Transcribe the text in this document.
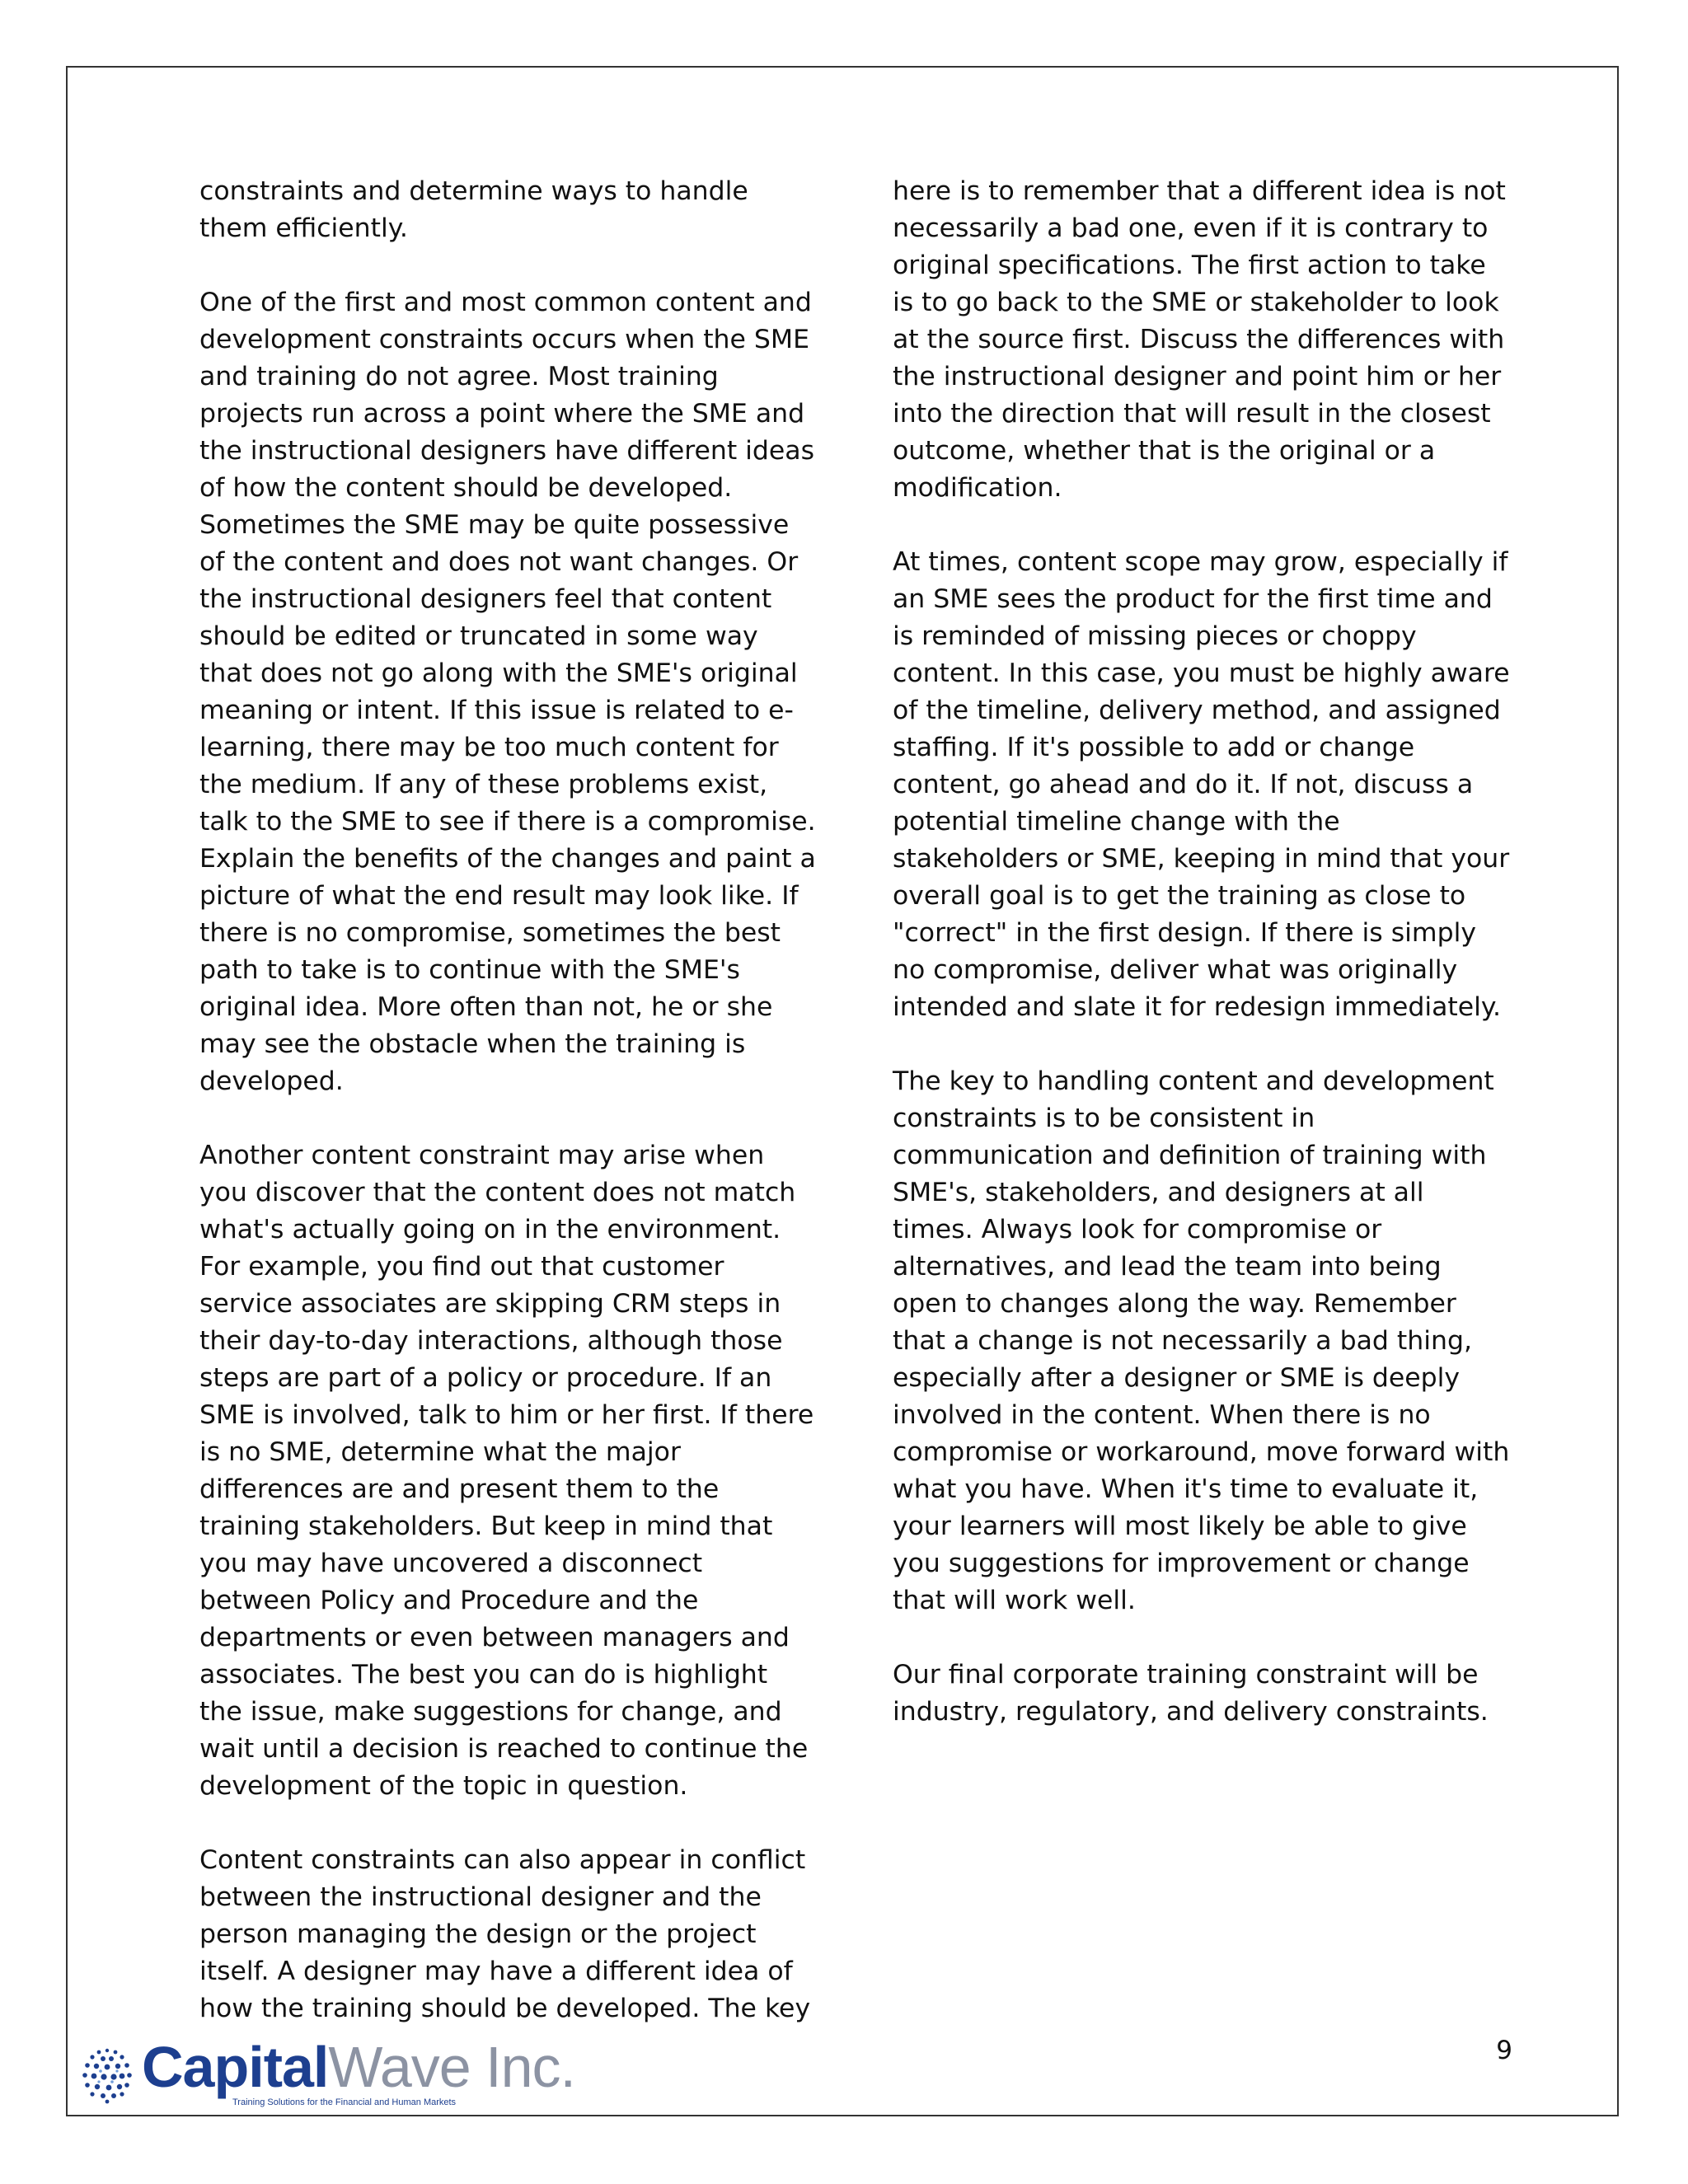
constraints and determine ways to handle them efficiently.

One of the first and most common content and development constraints occurs when the SME and training do not agree. Most training projects run across a point where the SME and the instructional designers have different ideas of how the content should be developed. Sometimes the SME may be quite possessive of the content and does not want changes. Or the instructional designers feel that content should be edited or truncated in some way that does not go along with the SME's original meaning or intent. If this issue is related to e-learning, there may be too much content for the medium. If any of these problems exist, talk to the SME to see if there is a compromise. Explain the benefits of the changes and paint a picture of what the end result may look like. If there is no compromise, sometimes the best path to take is to continue with the SME's original idea. More often than not, he or she may see the obstacle when the training is developed.

Another content constraint may arise when you discover that the content does not match what's actually going on in the environment. For example, you find out that customer service associates are skipping CRM steps in their day-to-day interactions, although those steps are part of a policy or procedure. If an SME is involved, talk to him or her first. If there is no SME, determine what the major differences are and present them to the training stakeholders. But keep in mind that you may have uncovered a disconnect between Policy and Procedure and the departments or even between managers and associates. The best you can do is highlight the issue, make suggestions for change, and wait until a decision is reached to continue the development of the topic in question.

Content constraints can also appear in conflict between the instructional designer and the person managing the design or the project itself. A designer may have a different idea of how the training should be developed. The key

here is to remember that a different idea is not necessarily a bad one, even if it is contrary to original specifications. The first action to take is to go back to the SME or stakeholder to look at the source first. Discuss the differences with the instructional designer and point him or her into the direction that will result in the closest outcome, whether that is the original or a modification.

At times, content scope may grow, especially if an SME sees the product for the first time and is reminded of missing pieces or choppy content. In this case, you must be highly aware of the timeline, delivery method, and assigned staffing. If it's possible to add or change content, go ahead and do it. If not, discuss a potential timeline change with the stakeholders or SME, keeping in mind that your overall goal is to get the training as close to "correct" in the first design. If there is simply no compromise, deliver what was originally intended and slate it for redesign immediately.

The key to handling content and development constraints is to be consistent in communication and definition of training with SME's, stakeholders, and designers at all times. Always look for compromise or alternatives, and lead the team into being open to changes along the way. Remember that a change is not necessarily a bad thing, especially after a designer or SME is deeply involved in the content. When there is no compromise or workaround, move forward with what you have. When it's time to evaluate it, your learners will most likely be able to give you suggestions for improvement or change that will work well.

Our final corporate training constraint will be industry, regulatory, and delivery constraints.

9
CapitalWave Inc.
Training Solutions for the Financial and Human Markets
